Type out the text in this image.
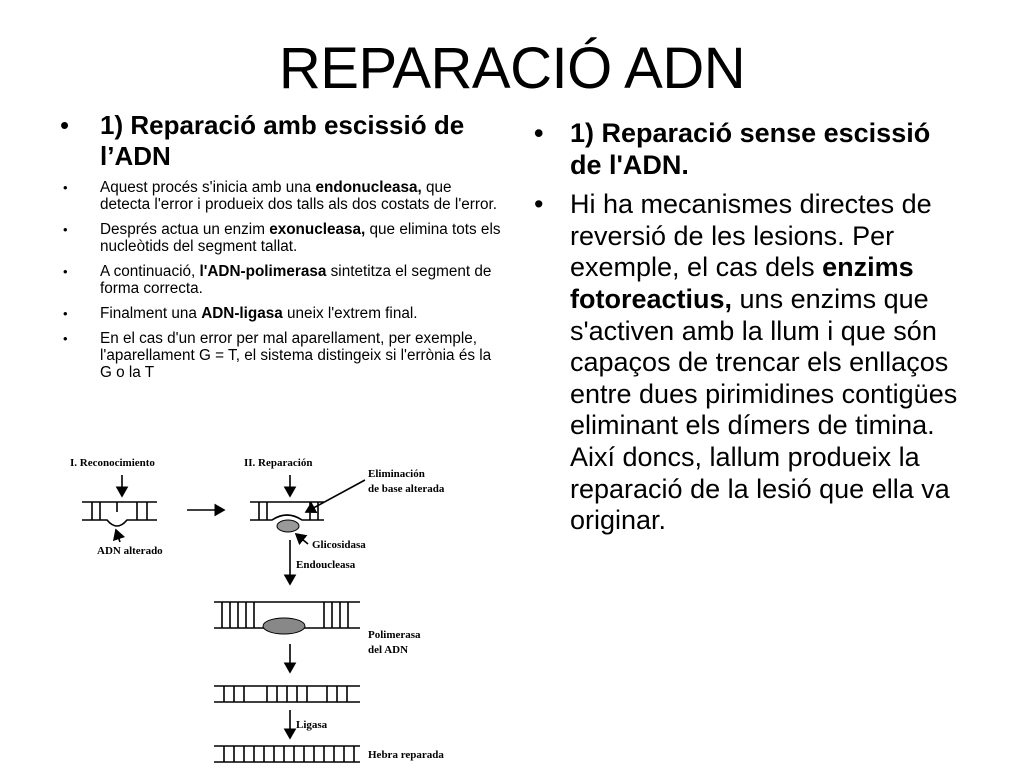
REPARACIÓ ADN
• 1) Reparació amb escissió de l’ADN
• Aquest procés s'inicia amb una endonucleasa, que detecta l'error i produeix dos talls als dos costats de l'error.
• Després actua un enzim exonucleasa, que elimina tots els nucleòtids del segment tallat.
• A continuació, l'ADN-polimerasa sintetitza el segment de forma correcta.
• Finalment una ADN-ligasa uneix l'extrem final.
• En el cas d'un error per mal aparellament, per exemple, l'aparellament G = T, el sistema distingeix si l'errònia és la G o la T
I. Reconocimiento	II. Reparación
Eliminación
de base alterada
ADN alterado	Glicosidasa
Endoucleasa
Polimerasa
del ADN
Ligasa
Hebra reparada
• 1) Reparació sense escissió de l'ADN.
• Hi ha mecanismes directes de reversió de les lesions. Per exemple, el cas dels enzims fotoreactius, uns enzims que s'activen amb la llum i que són capaços de trencar els enllaços entre dues pirimidines contigües eliminant els dímers de timina. Així doncs, lallum produeix la reparació de la lesió que ella va originar.
